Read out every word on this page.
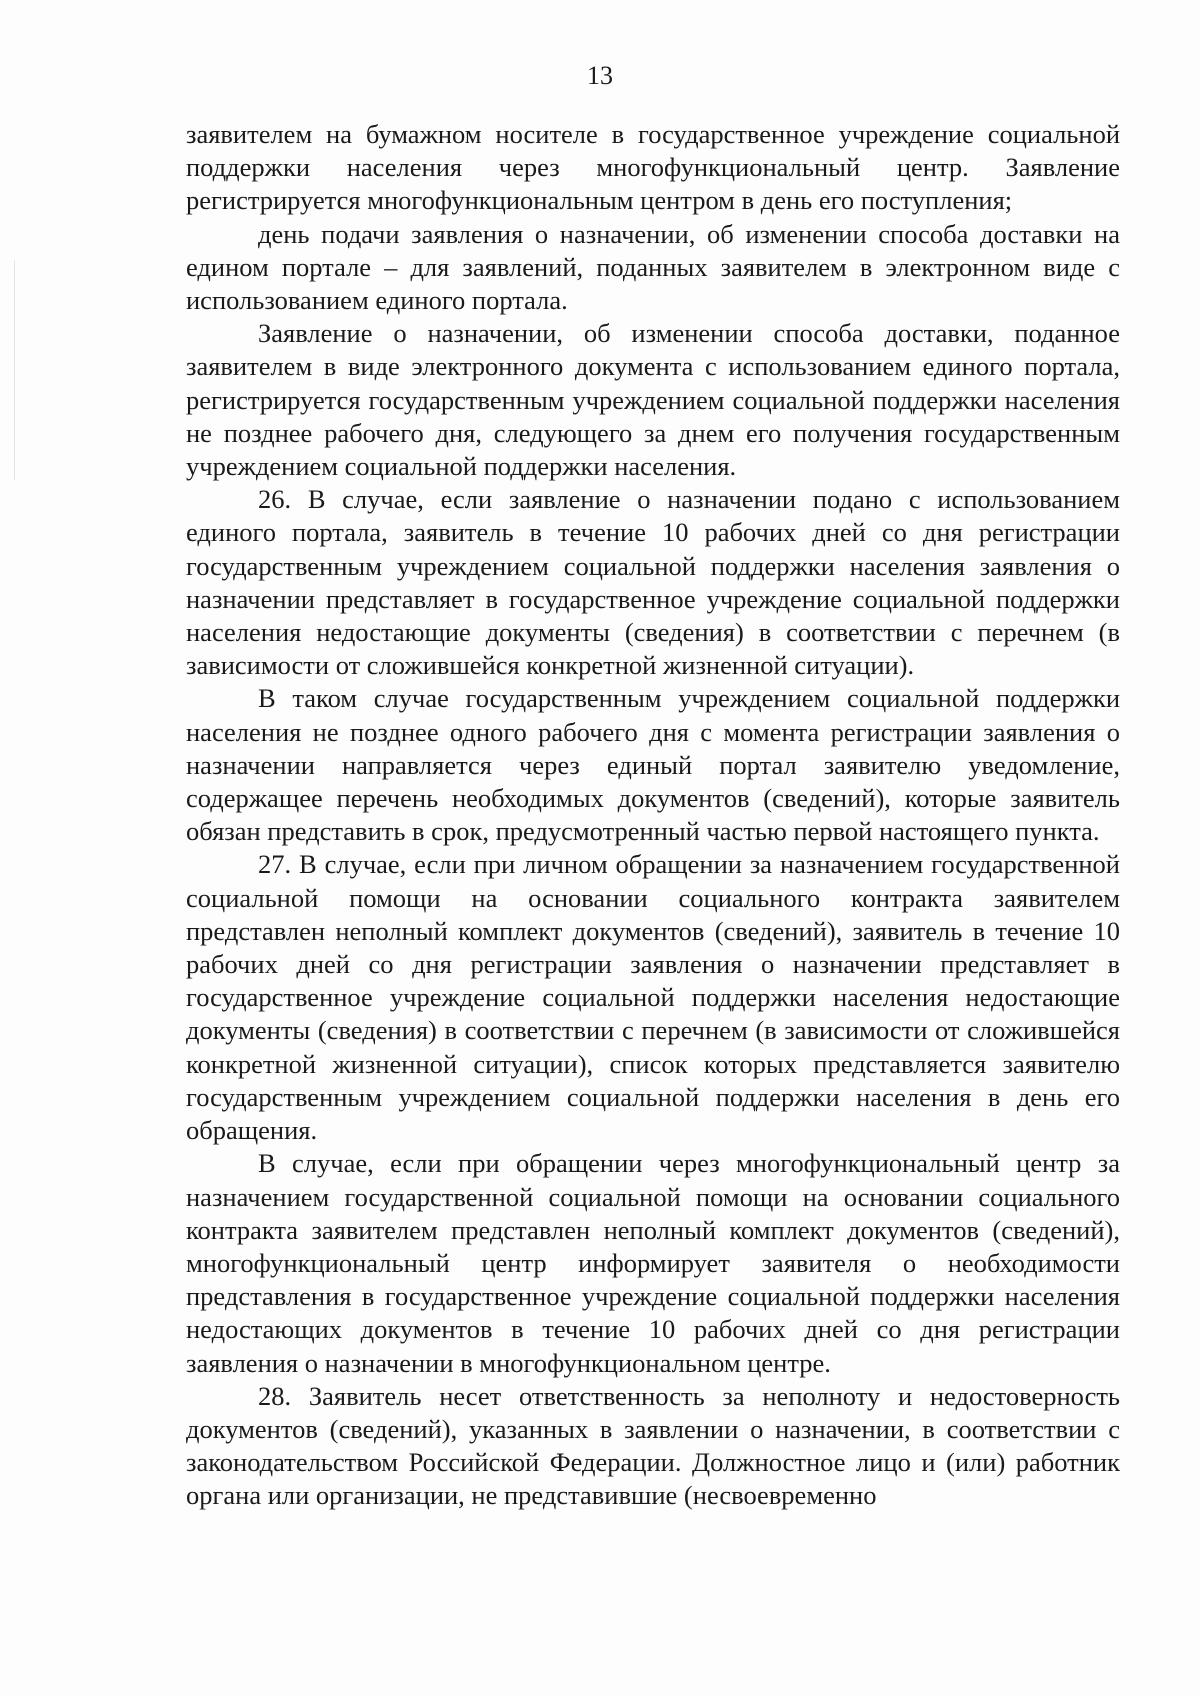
13

заявителем на бумажном носителе в государственное учреждение социальной поддержки населения через многофункциональный центр. Заявление регистрируется многофункциональным центром в день его поступления;

день подачи заявления о назначении, об изменении способа доставки на едином портале – для заявлений, поданных заявителем в электронном виде с использованием единого портала.

Заявление о назначении, об изменении способа доставки, поданное заявителем в виде электронного документа с использованием единого портала, регистрируется государственным учреждением социальной поддержки населения не позднее рабочего дня, следующего за днем его получения государственным учреждением социальной поддержки населения.

26. В случае, если заявление о назначении подано с использованием единого портала, заявитель в течение 10 рабочих дней со дня регистрации государственным учреждением социальной поддержки населения заявления о назначении представляет в государственное учреждение социальной поддержки населения недостающие документы (сведения) в соответствии с перечнем (в зависимости от сложившейся конкретной жизненной ситуации).

В таком случае государственным учреждением социальной поддержки населения не позднее одного рабочего дня с момента регистрации заявления о назначении направляется через единый портал заявителю уведомление, содержащее перечень необходимых документов (сведений), которые заявитель обязан представить в срок, предусмотренный частью первой настоящего пункта.

27. В случае, если при личном обращении за назначением государственной социальной помощи на основании социального контракта заявителем представлен неполный комплект документов (сведений), заявитель в течение 10 рабочих дней со дня регистрации заявления о назначении представляет в государственное учреждение социальной поддержки населения недостающие документы (сведения) в соответствии с перечнем (в зависимости от сложившейся конкретной жизненной ситуации), список которых представляется заявителю государственным учреждением социальной поддержки населения в день его обращения.

В случае, если при обращении через многофункциональный центр за назначением государственной социальной помощи на основании социального контракта заявителем представлен неполный комплект документов (сведений), многофункциональный центр информирует заявителя о необходимости представления в государственное учреждение социальной поддержки населения недостающих документов в течение 10 рабочих дней со дня регистрации заявления о назначении в многофункциональном центре.

28. Заявитель несет ответственность за неполноту и недостоверность документов (сведений), указанных в заявлении о назначении, в соответствии с законодательством Российской Федерации. Должностное лицо и (или) работник органа или организации, не представившие (несвоевременно
